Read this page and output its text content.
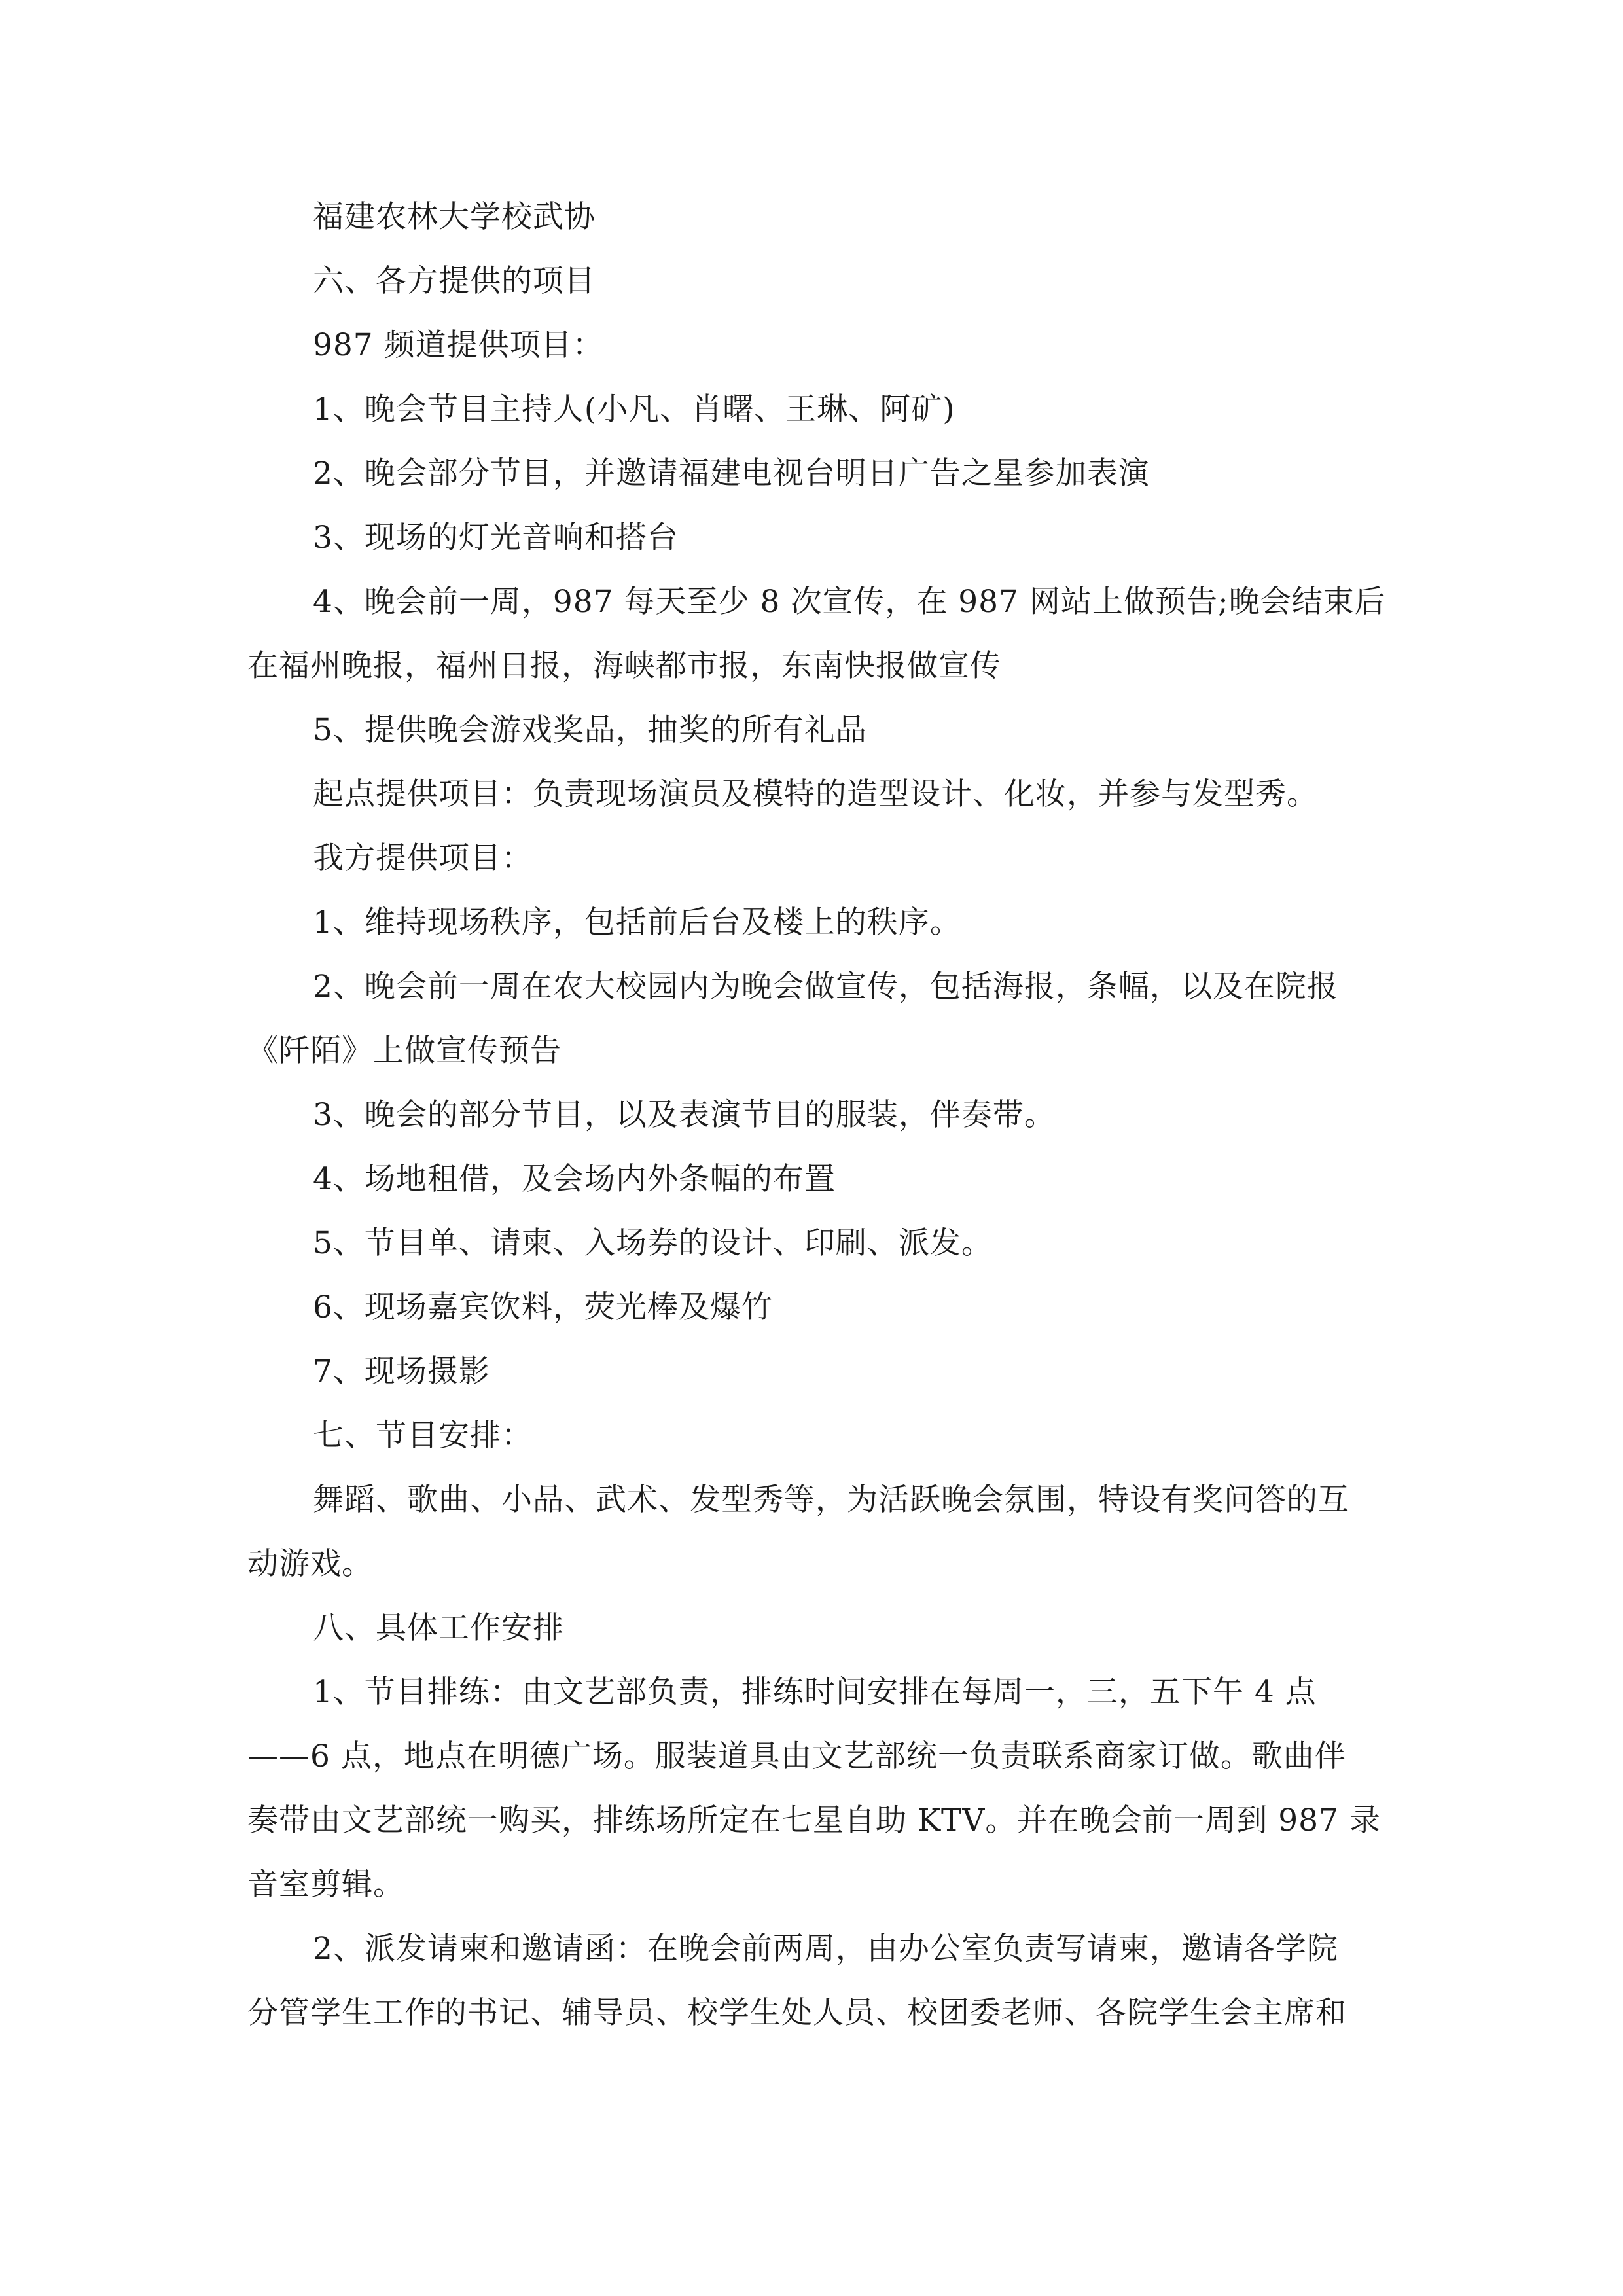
福建农林大学校武协
六、各方提供的项目
987 频道提供项目：
1、晚会节目主持人(小凡、肖曙、王琳、阿矿)
2、晚会部分节目，并邀请福建电视台明日广告之星参加表演
3、现场的灯光音响和搭台
4、晚会前一周，987 每天至少 8 次宣传，在 987 网站上做预告;晚会结束后
在福州晚报，福州日报，海峡都市报，东南快报做宣传
5、提供晚会游戏奖品，抽奖的所有礼品
起点提供项目：负责现场演员及模特的造型设计、化妆，并参与发型秀。
我方提供项目：
1、维持现场秩序，包括前后台及楼上的秩序。
2、晚会前一周在农大校园内为晚会做宣传，包括海报，条幅，以及在院报
《阡陌》上做宣传预告
3、晚会的部分节目，以及表演节目的服装，伴奏带。
4、场地租借，及会场内外条幅的布置
5、节目单、请柬、入场券的设计、印刷、派发。
6、现场嘉宾饮料，荧光棒及爆竹
7、现场摄影
七、节目安排：
舞蹈、歌曲、小品、武术、发型秀等，为活跃晚会氛围，特设有奖问答的互
动游戏。
八、具体工作安排
1、节目排练：由文艺部负责，排练时间安排在每周一，三，五下午 4 点
——6 点，地点在明德广场。服装道具由文艺部统一负责联系商家订做。歌曲伴
奏带由文艺部统一购买，排练场所定在七星自助 KTV。并在晚会前一周到 987 录
音室剪辑。
2、派发请柬和邀请函：在晚会前两周，由办公室负责写请柬，邀请各学院
分管学生工作的书记、辅导员、校学生处人员、校团委老师、各院学生会主席和
